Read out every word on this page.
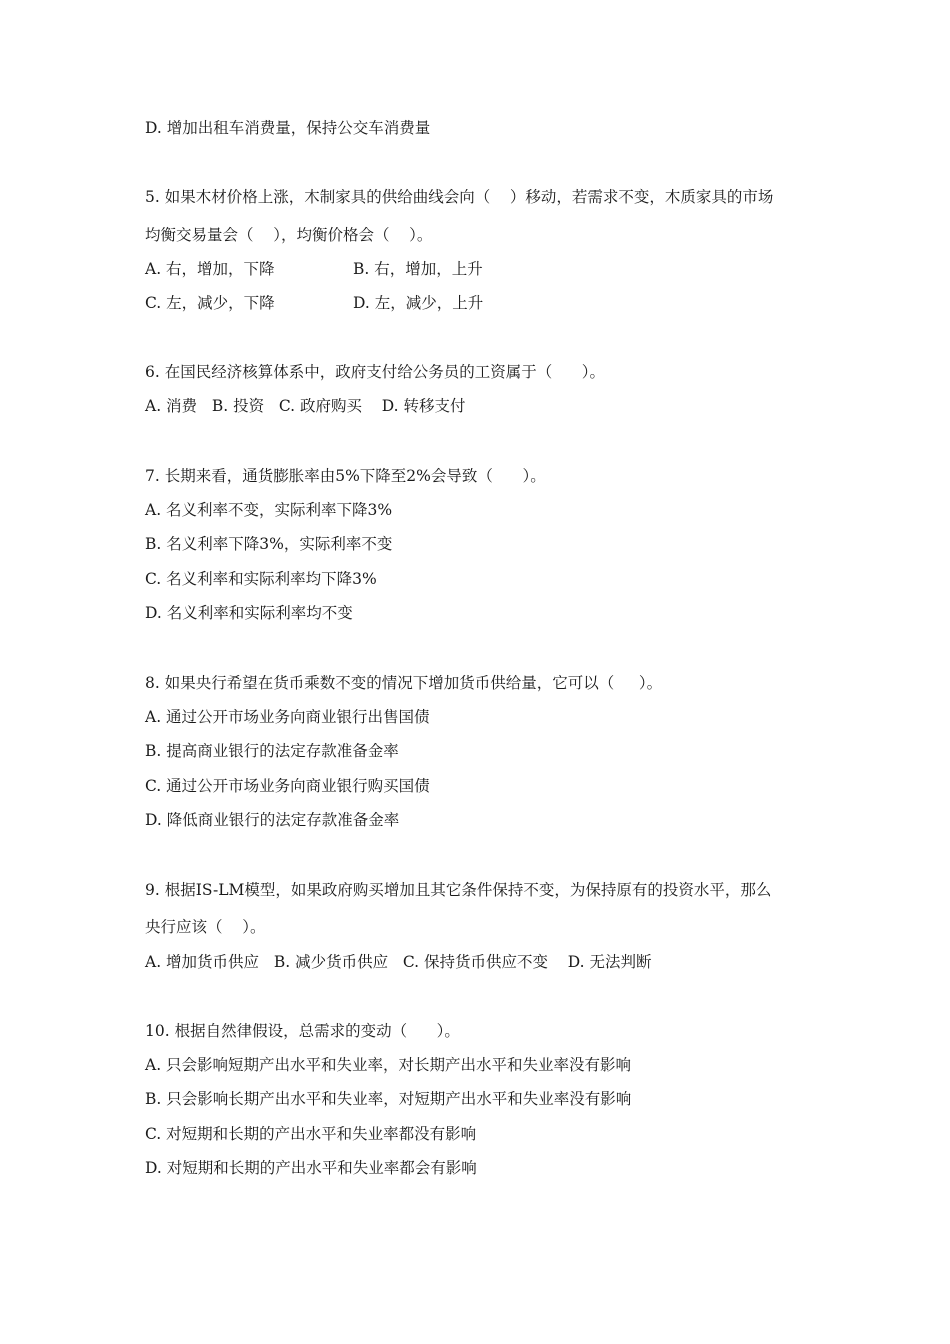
D. 增加出租车消费量，保持公交车消费量
5. 如果木材价格上涨，木制家具的供给曲线会向（    ）移动，若需求不变，木质家具的市场
均衡交易量会（    ），均衡价格会（    ）。

A. 右，增加，下降

	B. 右，增加，上升

C. 左，减少，下降

	D. 左，减少，上升

6. 在国民经济核算体系中，政府支付给公务员的工资属于（      ）。
A. 消费   B. 投资   C. 政府购买    D. 转移支付
7. 长期来看，通货膨胀率由5%下降至2%会导致（      ）。
A. 名义利率不变，实际利率下降3%
B. 名义利率下降3%，实际利率不变
C. 名义利率和实际利率均下降3%
D. 名义利率和实际利率均不变
8. 如果央行希望在货币乘数不变的情况下增加货币供给量，它可以（     ）。
A. 通过公开市场业务向商业银行出售国债
B. 提高商业银行的法定存款准备金率
C. 通过公开市场业务向商业银行购买国债
D. 降低商业银行的法定存款准备金率
9. 根据IS-LM模型，如果政府购买增加且其它条件保持不变，为保持原有的投资水平，那么
央行应该（    ）。
A. 增加货币供应   B. 减少货币供应   C. 保持货币供应不变    D. 无法判断
10. 根据自然律假设，总需求的变动（      ）。
A. 只会影响短期产出水平和失业率，对长期产出水平和失业率没有影响
B. 只会影响长期产出水平和失业率，对短期产出水平和失业率没有影响
C. 对短期和长期的产出水平和失业率都没有影响
D. 对短期和长期的产出水平和失业率都会有影响
